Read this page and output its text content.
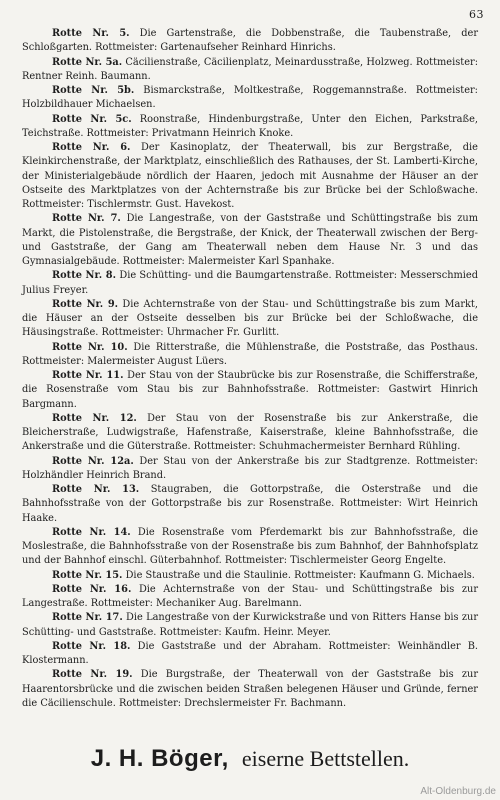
63

Rotte Nr. 5. Die Gartenstraße, die Dobbenstraße, die Taubenstraße, der Schloßgarten. Rottmeister: Gartenaufseher Reinhard Hinrichs.

Rotte Nr. 5a. Cäcilienstraße, Cäcilienplatz, Meinardusstraße, Holzweg. Rottmeister: Rentner Reinh. Baumann.

Rotte Nr. 5b. Bismarckstraße, Moltkestraße, Roggemannstraße. Rottmeister: Holzbildhauer Michaelsen.

Rotte Nr. 5c. Roonstraße, Hindenburgstraße, Unter den Eichen, Parkstraße, Teichstraße. Rottmeister: Privatmann Heinrich Knoke.

Rotte Nr. 6. Der Kasinoplatz, der Theaterwall, bis zur Bergstraße, die Kleinkirchenstraße, der Marktplatz, einschließlich des Rathauses, der St. Lamberti-Kirche, der Ministerialgebäude nördlich der Haaren, jedoch mit Ausnahme der Häuser an der Ostseite des Marktplatzes von der Achternstraße bis zur Brücke bei der Schloßwache. Rottmeister: Tischlermstr. Gust. Havekost.

Rotte Nr. 7. Die Langestraße, von der Gaststraße und Schüttingstraße bis zum Markt, die Pistolenstraße, die Bergstraße, der Knick, der Theaterwall zwischen der Berg- und Gaststraße, der Gang am Theaterwall neben dem Hause Nr. 3 und das Gymnasialgebäude. Rottmeister: Malermeister Karl Spanhake.

Rotte Nr. 8. Die Schütting- und die Baumgartenstraße. Rottmeister: Messerschmied Julius Freyer.

Rotte Nr. 9. Die Achternstraße von der Stau- und Schüttingstraße bis zum Markt, die Häuser an der Ostseite desselben bis zur Brücke bei der Schloßwache, die Häusingstraße. Rottmeister: Uhrmacher Fr. Gurlitt.

Rotte Nr. 10. Die Ritterstraße, die Mühlenstraße, die Poststraße, das Posthaus. Rottmeister: Malermeister August Lüers.

Rotte Nr. 11. Der Stau von der Staubrücke bis zur Rosenstraße, die Schifferstraße, die Rosenstraße vom Stau bis zur Bahnhofsstraße. Rottmeister: Gastwirt Hinrich Bargmann.

Rotte Nr. 12. Der Stau von der Rosenstraße bis zur Ankerstraße, die Bleicherstraße, Ludwigstraße, Hafenstraße, Kaiserstraße, kleine Bahnhofsstraße, die Ankerstraße und die Güterstraße. Rottmeister: Schuhmachermeister Bernhard Rühling.

Rotte Nr. 12a. Der Stau von der Ankerstraße bis zur Stadtgrenze. Rottmeister: Holzhändler Heinrich Brand.

Rotte Nr. 13. Staugraben, die Gottorpstraße, die Osterstraße und die Bahnhofsstraße von der Gottorpstraße bis zur Rosenstraße. Rottmeister: Wirt Heinrich Haake.

Rotte Nr. 14. Die Rosenstraße vom Pferdemarkt bis zur Bahnhofsstraße, die Moslestraße, die Bahnhofsstraße von der Rosenstraße bis zum Bahnhof, der Bahnhofsplatz und der Bahnhof einschl. Güterbahnhof. Rottmeister: Tischlermeister Georg Engelte.

Rotte Nr. 15. Die Staustraße und die Staulinie. Rottmeister: Kaufmann G. Michaels.

Rotte Nr. 16. Die Achternstraße von der Stau- und Schüttingstraße bis zur Langestraße. Rottmeister: Mechaniker Aug. Barelmann.

Rotte Nr. 17. Die Langestraße von der Kurwickstraße und von Ritters Hanse bis zur Schütting- und Gaststraße. Rottmeister: Kaufm. Heinr. Meyer.

Rotte Nr. 18. Die Gaststraße und der Abraham. Rottmeister: Weinhändler B. Klostermann.

Rotte Nr. 19. Die Burgstraße, der Theaterwall von der Gaststraße bis zur Haarentorsbrücke und die zwischen beiden Straßen belegenen Häuser und Gründe, ferner die Cäcilienschule. Rottmeister: Drechslermeister Fr. Bachmann.

J. H. Böger, eiserne Bettstellen.
Alt-Oldenburg.de
